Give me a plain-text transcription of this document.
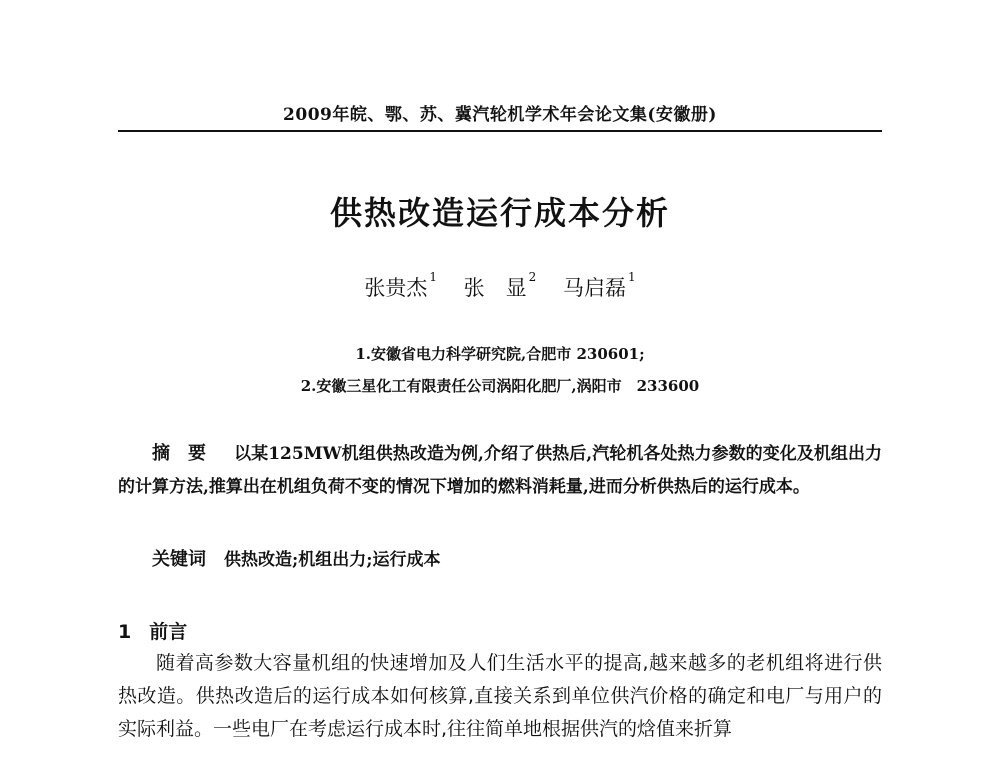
2009年皖、鄂、苏、冀汽轮机学术年会论文集(安徽册)
供热改造运行成本分析
张贵杰 $^1$ 张　显 $^2$ 马启磊 $^1$
1.安徽省电力科学研究院,合肥市 230601;
2.安徽三星化工有限责任公司涡阳化肥厂,涡阳市　233600
摘要 以某125MW机组供热改造为例,介绍了供热后,汽轮机各处热力参数的变化及机组出力的计算方法,推算出在机组负荷不变的情况下增加的燃料消耗量,进而分析供热后的运行成本。
关键词 供热改造;机组出力;运行成本
1 前言
随着高参数大容量机组的快速增加及人们生活水平的提高,越来越多的老机组将进行供热改造。供热改造后的运行成本如何核算,直接关系到单位供汽价格的确定和电厂与用户的实际利益。一些电厂在考虑运行成本时,往往简单地根据供汽的焓值来折算
